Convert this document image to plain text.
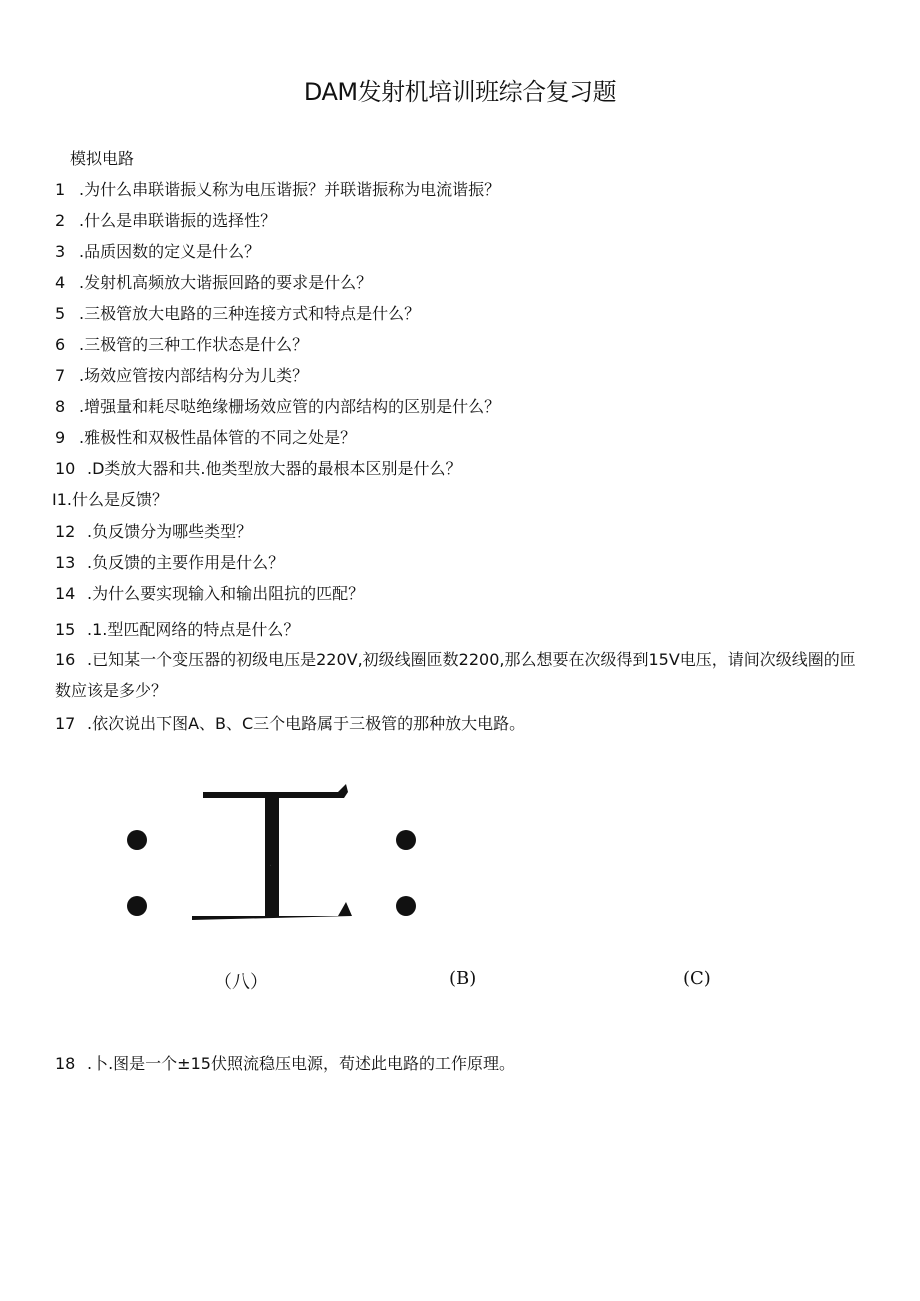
DAM发射机培训班综合复习题
模拟电路
1 .为什么串联谐振乂称为电压谐振？并联谐振称为电流谐振？
2 .什么是串联谐振的选择性？
3 .品质因数的定义是什么？
4 .发射机高频放大谐振回路的要求是什么？
5 .三极管放大电路的三种连接方式和特点是什么？
6 .三极管的三种工作状态是什么？
7 .场效应管按内部结构分为儿类？
8 .增强量和耗尽哒绝缘栅场效应管的内部结构的区别是什么？
9 .雅极性和双极性晶体管的不同之处是？
10 .D类放大器和共.他类型放大器的最根本区别是什么？
I1.什么是反馈？
12 .负反馈分为哪些类型？
13 .负反馈的主要作用是什么？
14 .为什么要实现输入和输出阻抗的匹配？
15 .1.型匹配网络的特点是什么？
16 .已知某一个变压器的初级电压是220V,初级线圈匝数2200,那么想要在次级得到15V电压，请间次级线圈的匝数应该是多少？
17 .依次说出下图A、B、C三个电路属于三极管的那种放大电路。
工
（八）	(B)	(C)
18 .卜.图是一个±15伏照流稳压电源，荀述此电路的工作原理。
